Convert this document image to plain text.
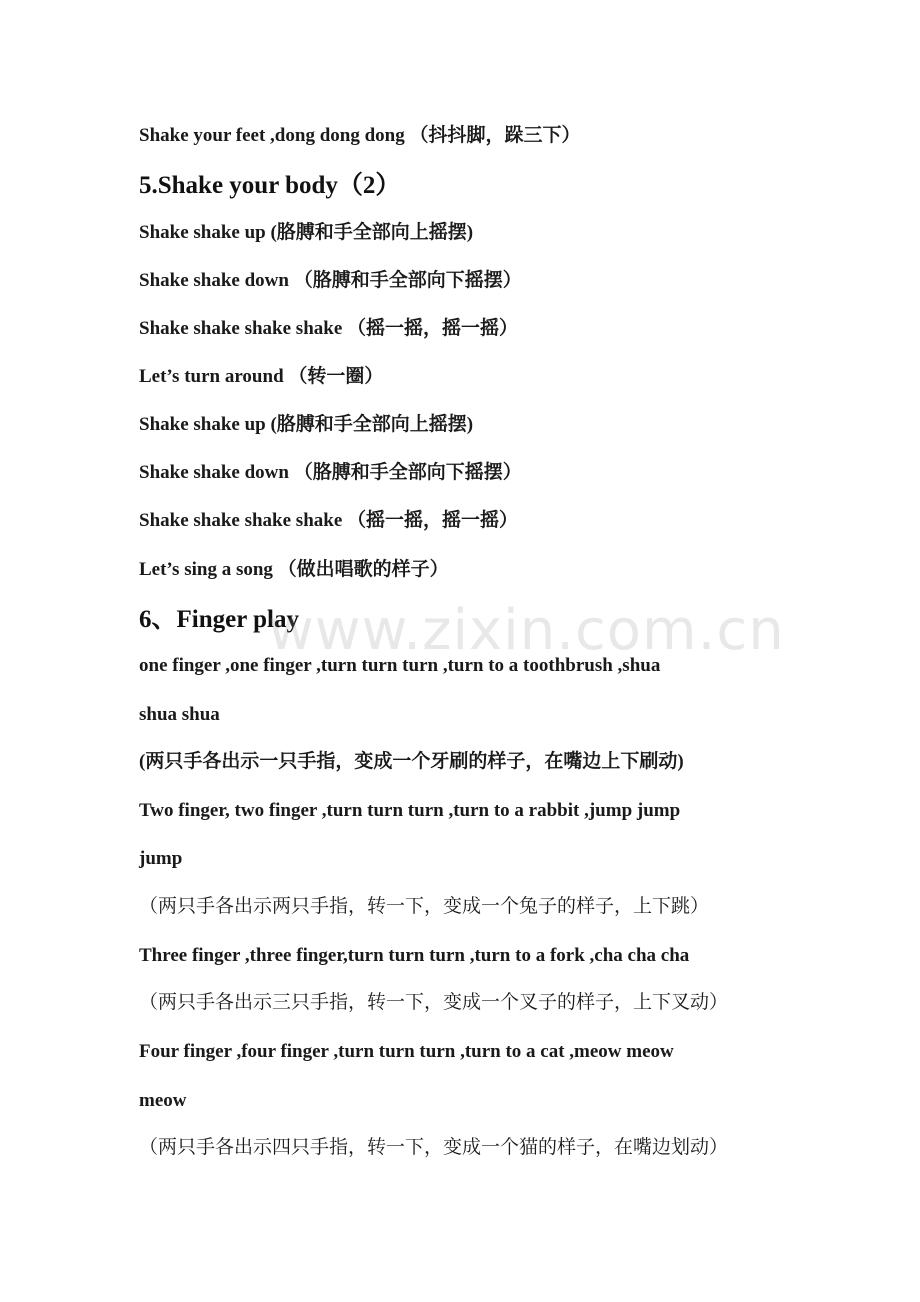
Shake your feet ,dong dong dong （抖抖脚，跺三下）
5.Shake your body（2）
Shake shake up (胳膊和手全部向上摇摆)
Shake shake down （胳膊和手全部向下摇摆）
Shake shake shake shake （摇一摇，摇一摇）
Let’s turn around （转一圈）
Shake shake up (胳膊和手全部向上摇摆)
Shake shake down （胳膊和手全部向下摇摆）
Shake shake shake shake （摇一摇，摇一摇）
Let’s sing a song （做出唱歌的样子）
6、Finger play
one finger ,one finger ,turn turn turn ,turn to a toothbrush ,shua
shua shua
(两只手各出示一只手指，变成一个牙刷的样子，在嘴边上下刷动)
Two finger, two finger ,turn turn turn ,turn to a rabbit ,jump jump
jump
（两只手各出示两只手指，转一下，变成一个兔子的样子，上下跳）
Three finger ,three finger,turn turn turn ,turn to a fork ,cha cha cha
（两只手各出示三只手指，转一下，变成一个叉子的样子，上下叉动）
Four finger ,four finger ,turn turn turn ,turn to a cat ,meow meow
meow
（两只手各出示四只手指，转一下，变成一个猫的样子，在嘴边划动）
www.zixin.com.cn
